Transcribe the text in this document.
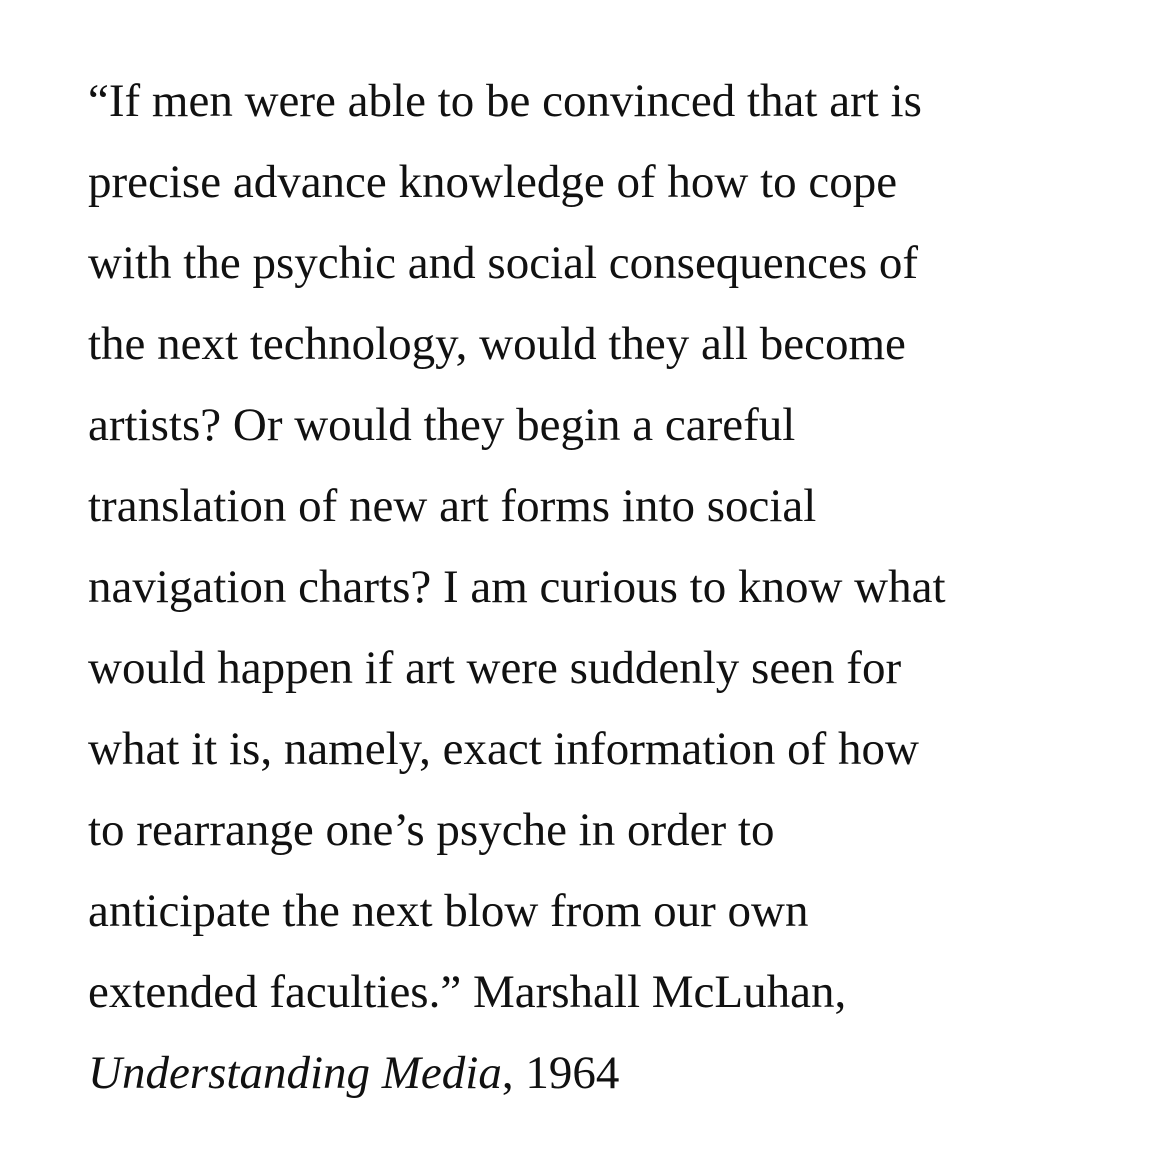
“If men were able to be convinced that art is
precise advance knowledge of how to cope
with the psychic and social consequences of
the next technology, would they all become
artists? Or would they begin a careful
translation of new art forms into social
navigation charts? I am curious to know what
would happen if art were suddenly seen for
what it is, namely, exact information of how
to rearrange one’s psyche in order to
anticipate the next blow from our own
extended faculties.” Marshall McLuhan,
Understanding Media, 1964
